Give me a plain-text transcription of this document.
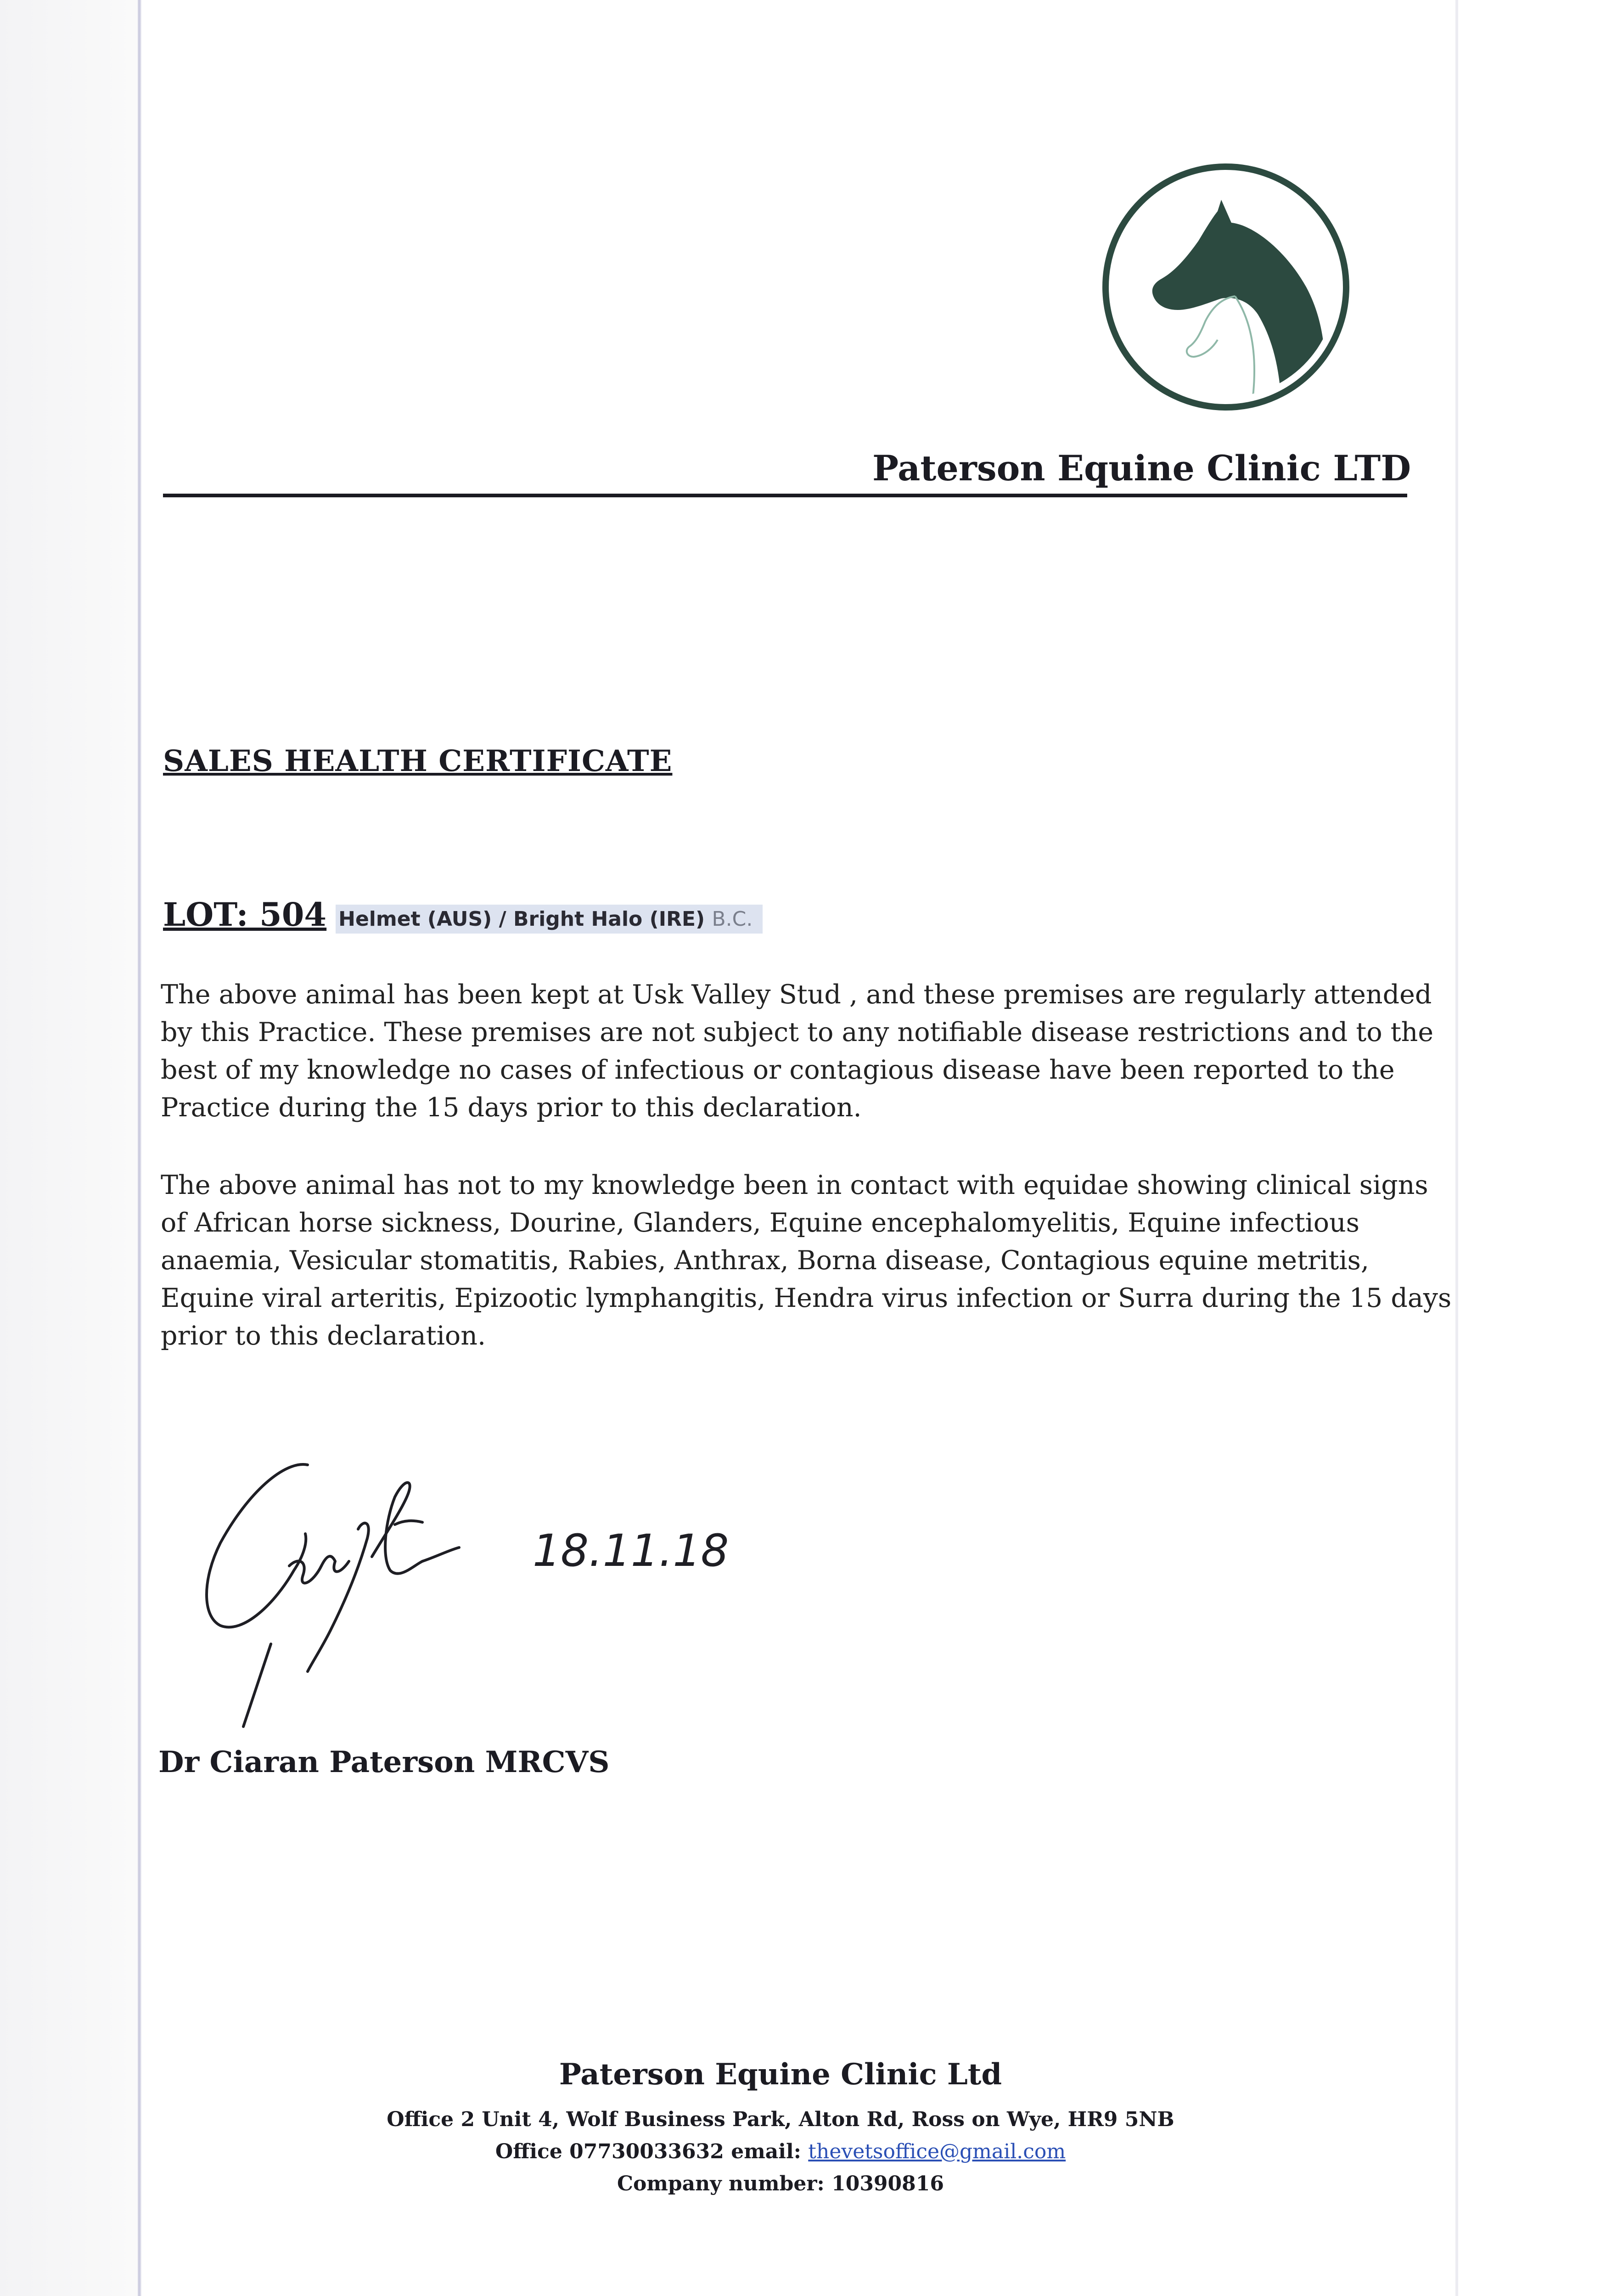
Paterson Equine Clinic LTD
SALES HEALTH CERTIFICATE
LOT: 504 Helmet (AUS) / Bright Halo (IRE) B.C.
The above animal has been kept at Usk Valley Stud , and these premises are regularly attended
by this Practice. These premises are not subject to any notifiable disease restrictions and to the
best of my knowledge no cases of infectious or contagious disease have been reported to the
Practice during the 15 days prior to this declaration.
The above animal has not to my knowledge been in contact with equidae showing clinical signs
of African horse sickness, Dourine, Glanders, Equine encephalomyelitis, Equine infectious
anaemia, Vesicular stomatitis, Rabies, Anthrax, Borna disease, Contagious equine metritis,
Equine viral arteritis, Epizootic lymphangitis, Hendra virus infection or Surra during the 15 days
prior to this declaration.
18.11.18
Dr Ciaran Paterson MRCVS
Paterson Equine Clinic Ltd
Office 2 Unit 4, Wolf Business Park, Alton Rd, Ross on Wye, HR9 5NB
Office 07730033632 email: thevetsoffice@gmail.com
Company number: 10390816
